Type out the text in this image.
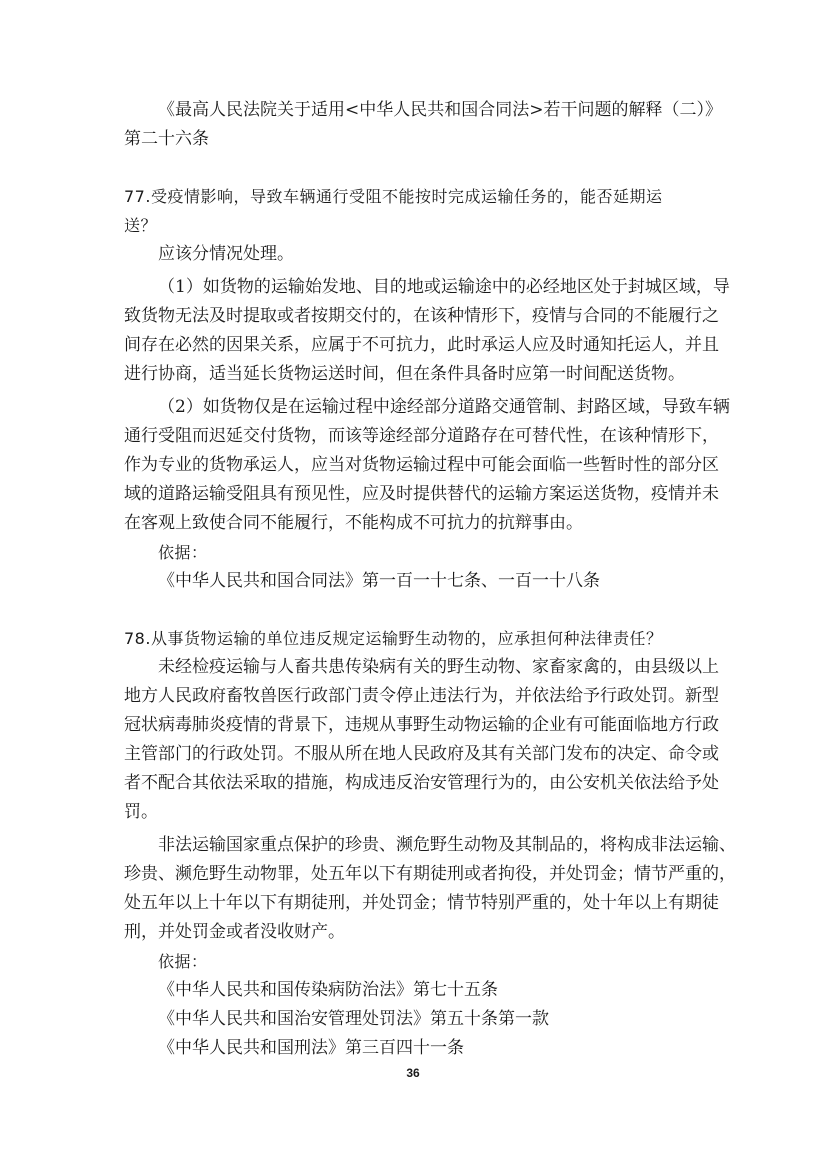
《最高人民法院关于适用<中华人民共和国合同法>若干问题的解释（二）》

第二十六条

77.受疫情影响，导致车辆通行受阻不能按时完成运输任务的，能否延期运

送？

应该分情况处理。

（1）如货物的运输始发地、目的地或运输途中的必经地区处于封城区域，导

致货物无法及时提取或者按期交付的，在该种情形下，疫情与合同的不能履行之

间存在必然的因果关系，应属于不可抗力，此时承运人应及时通知托运人，并且

进行协商，适当延长货物运送时间，但在条件具备时应第一时间配送货物。

（2）如货物仅是在运输过程中途经部分道路交通管制、封路区域，导致车辆

通行受阻而迟延交付货物，而该等途经部分道路存在可替代性，在该种情形下，

作为专业的货物承运人，应当对货物运输过程中可能会面临一些暂时性的部分区

域的道路运输受阻具有预见性，应及时提供替代的运输方案运送货物，疫情并未

在客观上致使合同不能履行，不能构成不可抗力的抗辩事由。

依据：

《中华人民共和国合同法》第一百一十七条、一百一十八条

78.从事货物运输的单位违反规定运输野生动物的，应承担何种法律责任？

未经检疫运输与人畜共患传染病有关的野生动物、家畜家禽的，由县级以上

地方人民政府畜牧兽医行政部门责令停止违法行为，并依法给予行政处罚。新型

冠状病毒肺炎疫情的背景下，违规从事野生动物运输的企业有可能面临地方行政

主管部门的行政处罚。不服从所在地人民政府及其有关部门发布的决定、命令或

者不配合其依法采取的措施，构成违反治安管理行为的，由公安机关依法给予处

罚。

非法运输国家重点保护的珍贵、濒危野生动物及其制品的，将构成非法运输、

珍贵、濒危野生动物罪，处五年以下有期徒刑或者拘役，并处罚金；情节严重的，

处五年以上十年以下有期徒刑，并处罚金；情节特别严重的，处十年以上有期徒

刑，并处罚金或者没收财产。

依据：

《中华人民共和国传染病防治法》第七十五条

《中华人民共和国治安管理处罚法》第五十条第一款

《中华人民共和国刑法》第三百四十一条

36
